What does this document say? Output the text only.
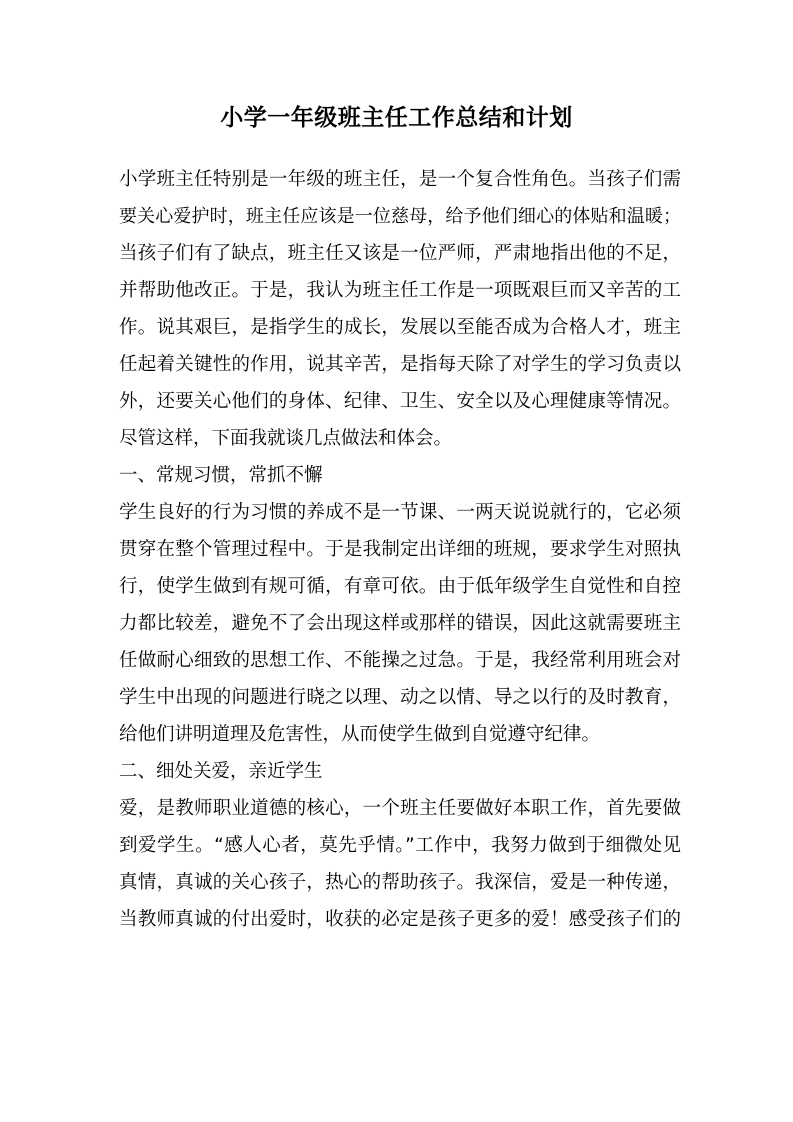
小学一年级班主任工作总结和计划

小学班主任特别是一年级的班主任，是一个复合性角色。当孩子们需

要关心爱护时，班主任应该是一位慈母，给予他们细心的体贴和温暖；

当孩子们有了缺点，班主任又该是一位严师，严肃地指出他的不足，

并帮助他改正。于是，我认为班主任工作是一项既艰巨而又辛苦的工

作。说其艰巨，是指学生的成长，发展以至能否成为合格人才，班主

任起着关键性的作用，说其辛苦，是指每天除了对学生的学习负责以

外，还要关心他们的身体、纪律、卫生、安全以及心理健康等情况。

尽管这样，下面我就谈几点做法和体会。

一、常规习惯，常抓不懈

学生良好的行为习惯的养成不是一节课、一两天说说就行的，它必须

贯穿在整个管理过程中。于是我制定出详细的班规，要求学生对照执

行，使学生做到有规可循，有章可依。由于低年级学生自觉性和自控

力都比较差，避免不了会出现这样或那样的错误，因此这就需要班主

任做耐心细致的思想工作、不能操之过急。于是，我经常利用班会对

学生中出现的问题进行晓之以理、动之以情、导之以行的及时教育，

给他们讲明道理及危害性，从而使学生做到自觉遵守纪律。

二、细处关爱，亲近学生

爱，是教师职业道德的核心，一个班主任要做好本职工作，首先要做

到爱学生。“感人心者，莫先乎情。”工作中，我努力做到于细微处见

真情，真诚的关心孩子，热心的帮助孩子。我深信，爱是一种传递，

当教师真诚的付出爱时，收获的必定是孩子更多的爱！感受孩子们的
